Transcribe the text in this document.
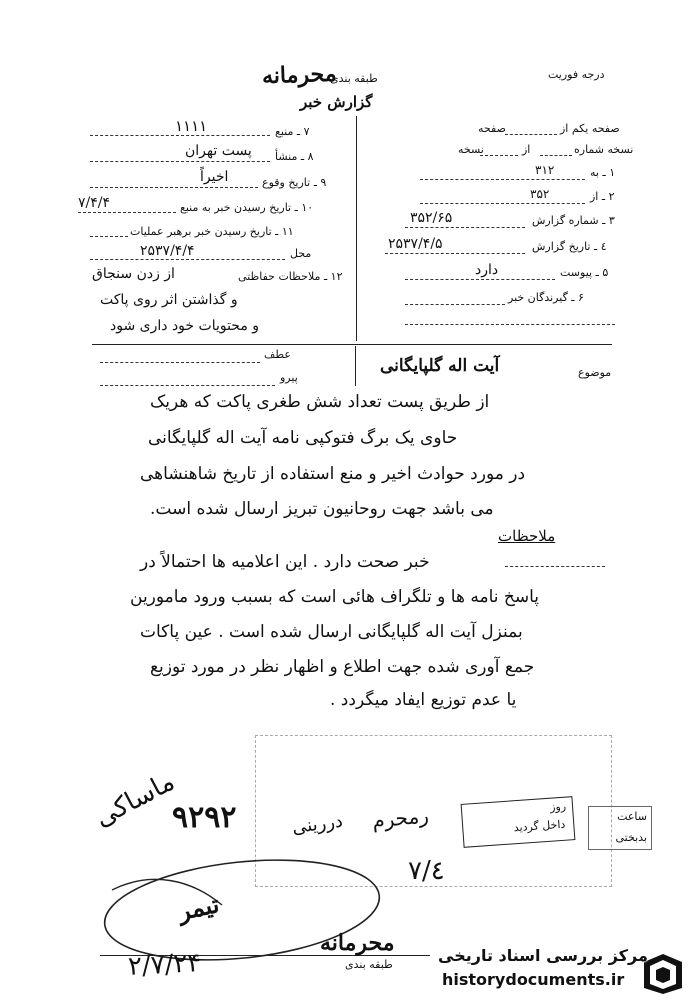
محرمانه
طبقه بندی
گزارش خبر
درجه فوریت
صفحه یکم از
صفحه
نسخه شماره
از
نسخه
۱ ـ به
۳۱۲
۲ ـ از
۳۵۲
۳ ـ شماره گزارش
۳۵۲/۶۵
٤ ـ تاریخ گزارش
۲۵۳۷/۴/۵
۵ ـ پیوست
دارد
۶ ـ گیرندگان خبر
۷ ـ منبع
۱۱۱۱
۸ ـ منشأ
پست تهران
۹ ـ تاریخ وقوع
اخیراً
۱۰ ـ تاریخ رسیدن خبر به منبع
۷/۴/۴
۱۱ ـ تاریخ رسیدن خبر برهبر عملیات
محل
۲۵۳۷/۴/۴
۱۲ ـ ملاحظات حفاظتی
از زدن سنجاق
و گذاشتن اثر روی پاکت
و محتویات خود داری شود
موضوع
آیت اله گلپایگانی
عطف
پیرو
از طریق پست تعداد شش طغری پاکت که هریک
حاوی یک برگ فتوکپی نامه آیت اله گلپایگانی
در مورد حوادث اخیر و منع استفاده از تاریخ شاهنشاهی
می باشد جهت روحانیون تبریز ارسال شده است.
ملاحظات
خبر صحت دارد . این اعلامیه ها احتمالاً در
پاسخ نامه ها و تلگراف هائی است که بسبب ورود مامورین
بمنزل آیت اله گلپایگانی ارسال شده است . عین پاکات
جمع آوری شده جهت اطلاع و اظهار نظر در مورد توزیع
یا عدم توزیع ایفاد میگردد .
ماساکی
۹۲۹۲	دررینی رمحرم	روز
داخل گردید
ساعت
بدبختی
٤/۷
تیمر
۲/۷/۲۴
محرمانه
طبقه بندی	مرکز بررسی اسناد تاریخی
historydocuments.ir
